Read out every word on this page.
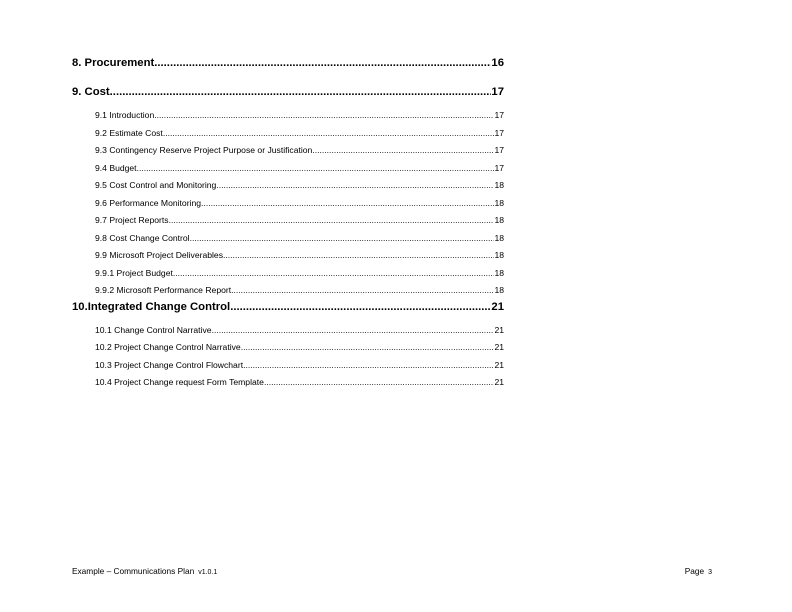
8. Procurement .....	16
9. Cost .....	17
9.1 Introduction .....	17
9.2 Estimate Cost .....	17
9.3 Contingency Reserve Project Purpose or Justification .....	17
9.4 Budget .....	17
9.5 Cost Control and Monitoring .....	18
9.6 Performance Monitoring .....	18
9.7 Project Reports .....	18
9.8 Cost Change Control .....	18
9.9 Microsoft Project Deliverables .....	18
9.9.1 Project Budget .....	18
9.9.2 Microsoft Performance Report .....	18
10.Integrated Change Control .....	21
10.1 Change Control Narrative .....	21
10.2 Project Change Control Narrative .....	21
10.3 Project Change Control Flowchart .....	21
10.4 Project Change request Form Template .....	21
Example – Communications Plan v1.0.1	Page 3
